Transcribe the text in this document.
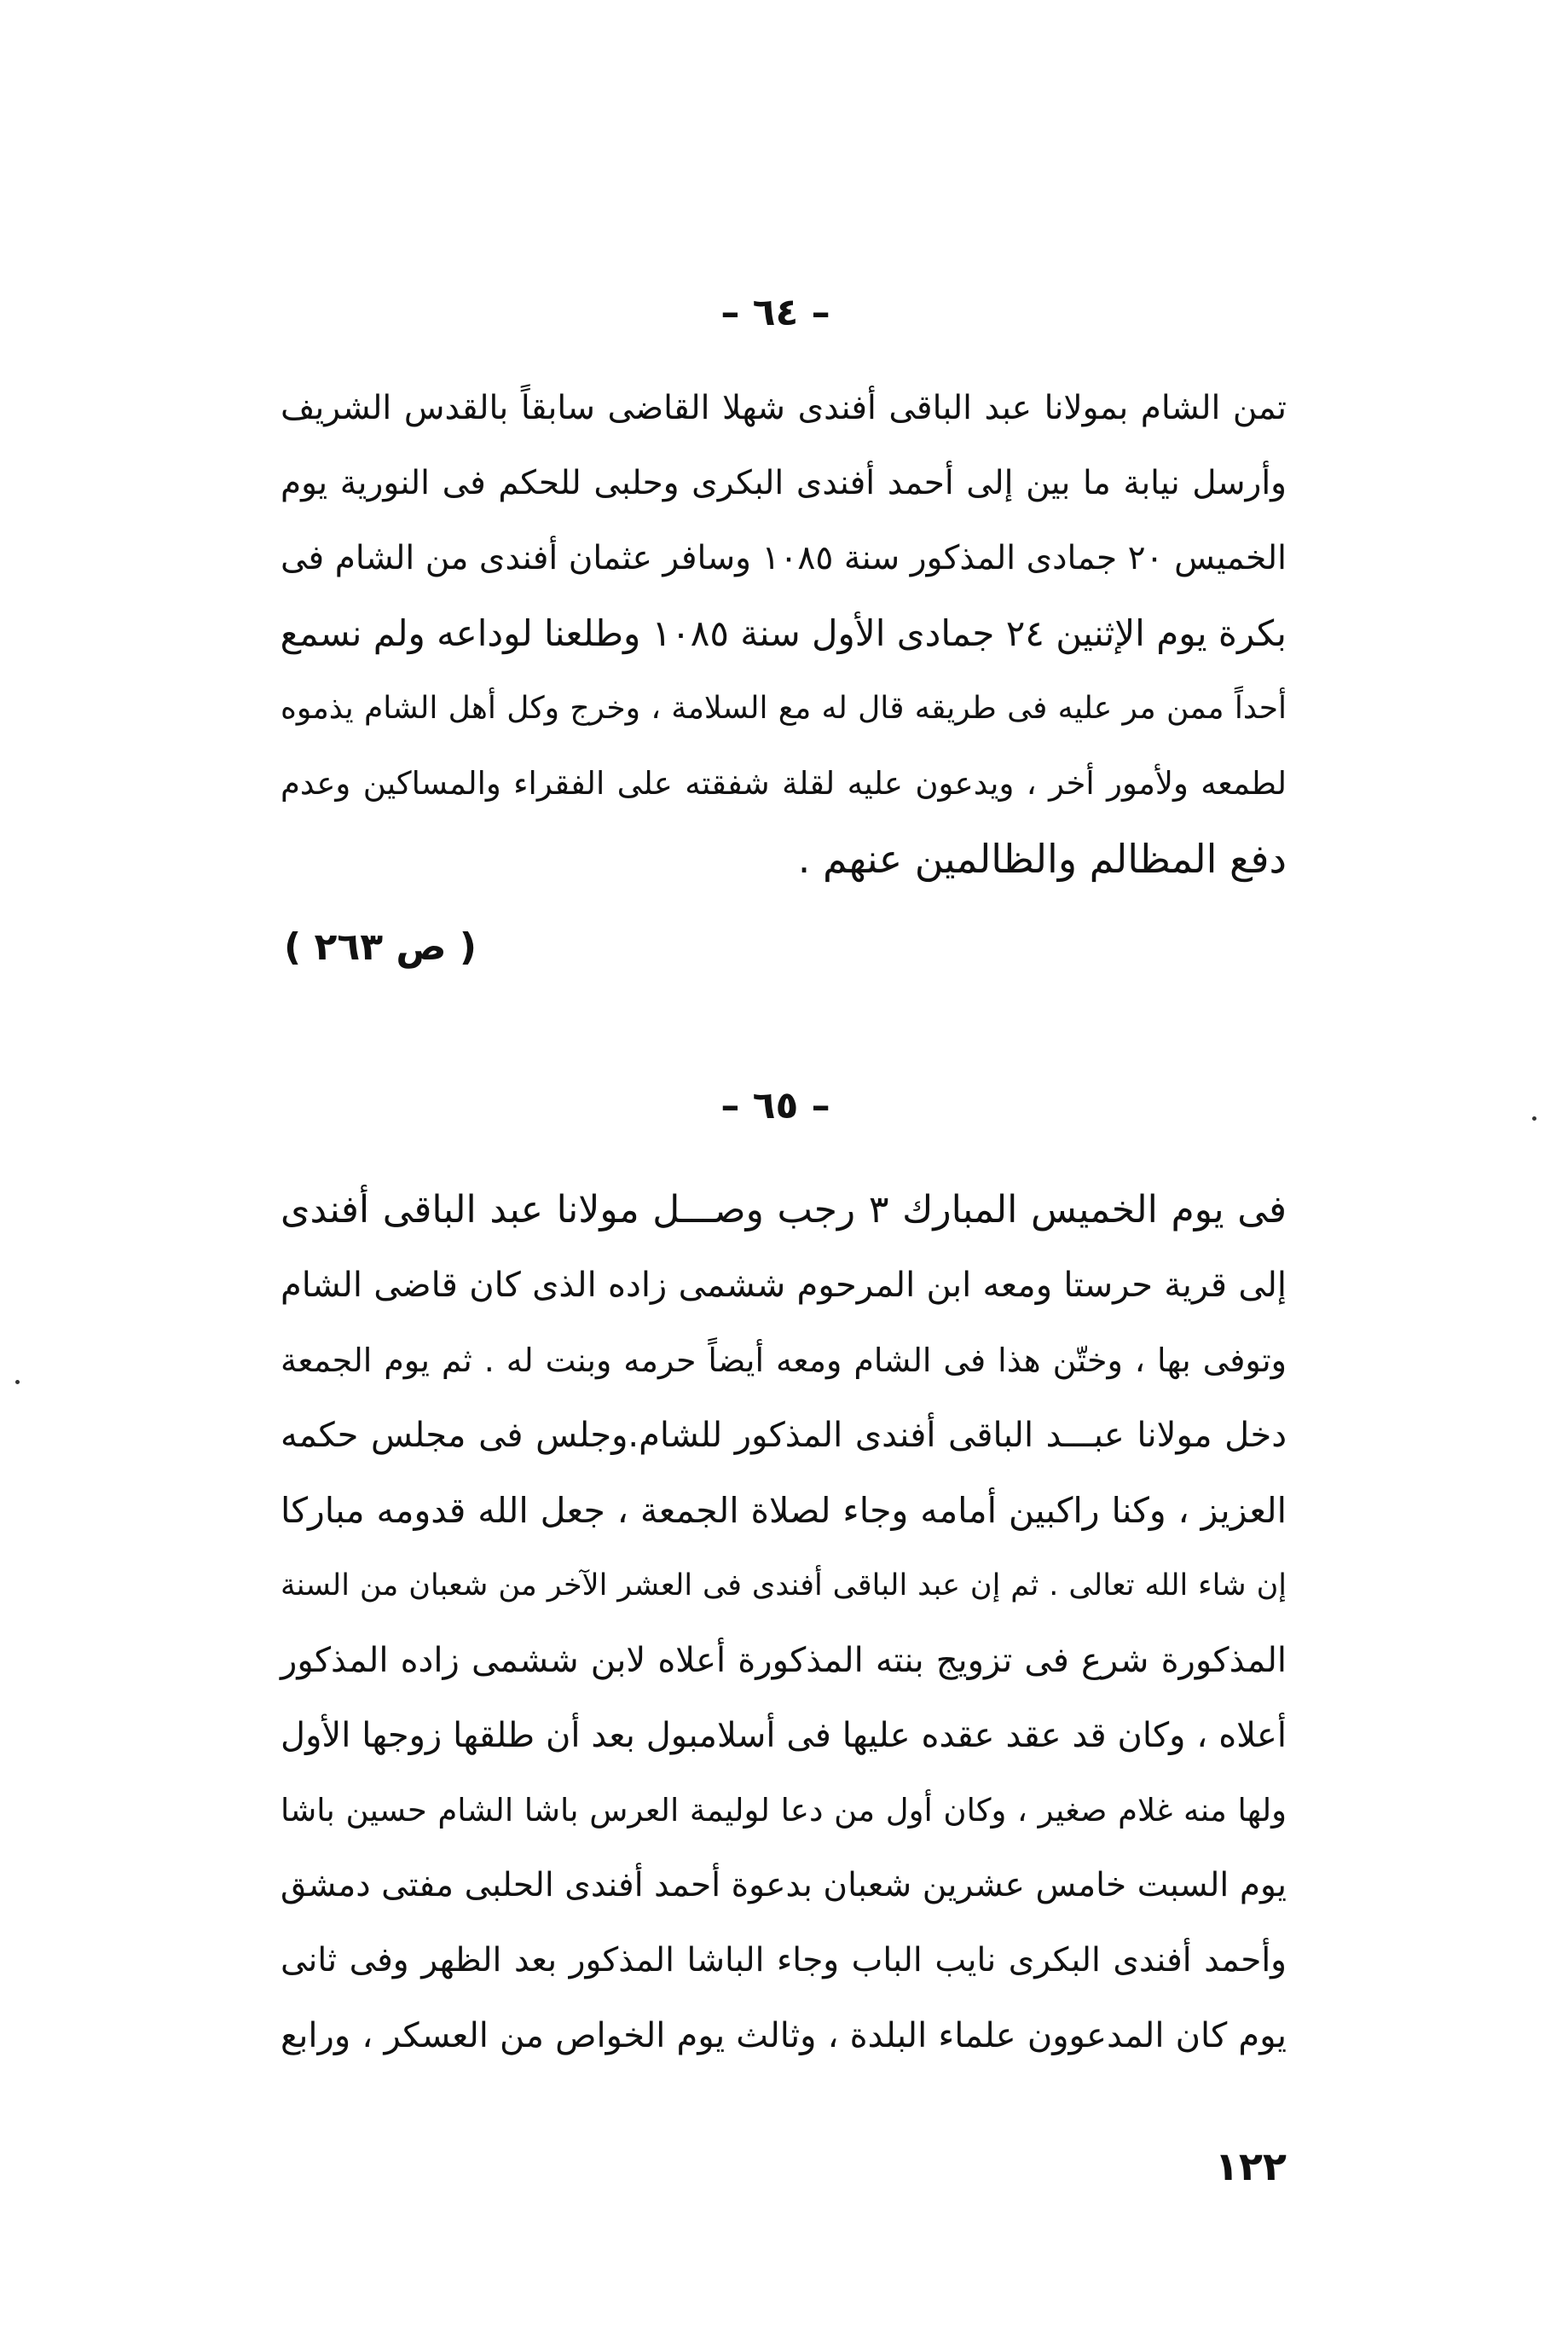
– ٦٤ –
تمن الشام بمولانا عبد الباقى أفندى شهلا القاضى سابقاً بالقدس الشريف
وأرسل نيابة ما بين إلى أحمد أفندى البكرى وحلبى للحكم فى النورية يوم
الخميس ٢٠ جمادى المذكور سنة ١٠٨٥ وسافر عثمان أفندى من الشام فى
بكرة يوم الإثنين ٢٤ جمادى الأول سنة ١٠٨٥ وطلعنا لوداعه ولم نسمع
أحداً ممن مر عليه فى طريقه قال له مع السلامة ، وخرج وكل أهل الشام يذموه
لطمعه ولأمور أخر ، ويدعون عليه لقلة شفقته على الفقراء والمساكين وعدم
دفع المظالم والظالمين عنهم .
( ص ٢٦٣ )
– ٦٥ –
فى يوم الخميس المبارك ٣ رجب وصـــل مولانا عبد الباقى أفندى
إلى قرية حرستا ومعه ابن المرحوم ششمى زاده الذى كان قاضى الشام
وتوفى بها ، وختّن هذا فى الشام ومعه أيضاً حرمه وبنت له . ثم يوم الجمعة
دخل مولانا عبـــد الباقى أفندى المذكور للشام.وجلس فى مجلس حكمه
العزيز ، وكنا راكبين أمامه وجاء لصلاة الجمعة ، جعل الله قدومه مباركا
إن شاء الله تعالى . ثم إن عبد الباقى أفندى فى العشر الآخر من شعبان من السنة
المذكورة شرع فى تزويج بنته المذكورة أعلاه لابن ششمى زاده المذكور
أعلاه ، وكان قد عقد عقده عليها فى أسلامبول بعد أن طلقها زوجها الأول
ولها منه غلام صغير ، وكان أول من دعا لوليمة العرس باشا الشام حسين باشا
يوم السبت خامس عشرين شعبان بدعوة أحمد أفندى الحلبى مفتى دمشق
وأحمد أفندى البكرى نايب الباب وجاء الباشا المذكور بعد الظهر وفى ثانى
يوم كان المدعوون علماء البلدة ، وثالث يوم الخواص من العسكر ، ورابع
١٢٢
